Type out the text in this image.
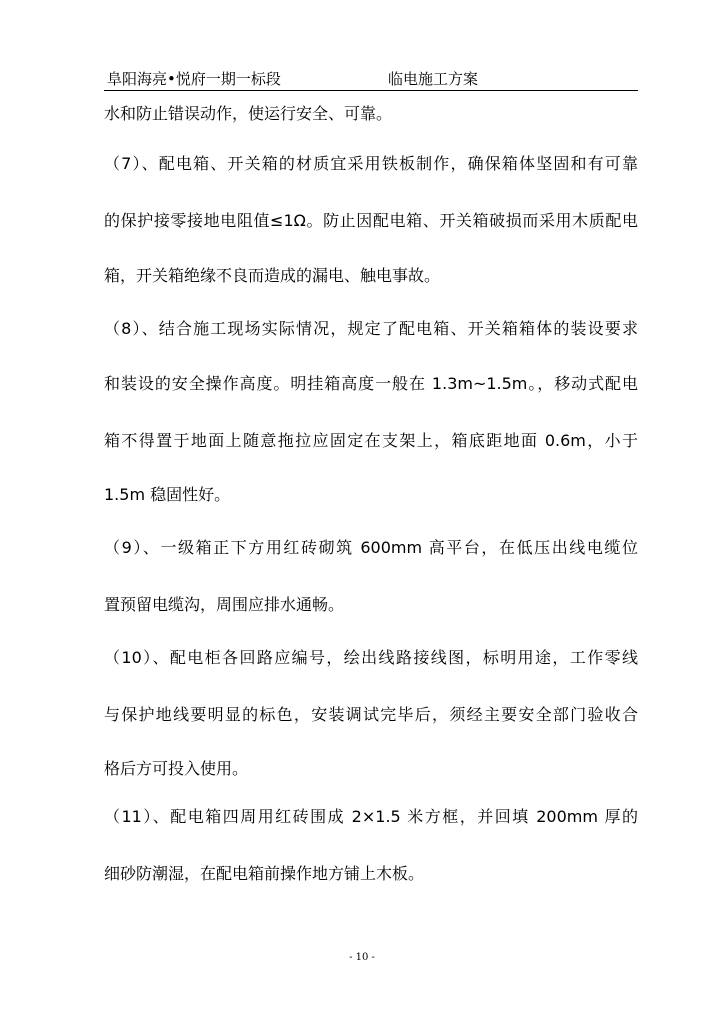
阜阳海亮•悦府一期一标段	临电施工方案
水和防止错误动作，使运行安全、可靠。
（7）、配电箱、开关箱的材质宜采用铁板制作，确保箱体坚固和有可靠
的保护接零接地电阻值≤1Ω。防止因配电箱、开关箱破损而采用木质配电
箱，开关箱绝缘不良而造成的漏电、触电事故。
（8）、结合施工现场实际情况，规定了配电箱、开关箱箱体的装设要求
和装设的安全操作高度。明挂箱高度一般在 1.3m~1.5m。，移动式配电
箱不得置于地面上随意拖拉应固定在支架上，箱底距地面 0.6m，小于
1.5m 稳固性好。
（9）、一级箱正下方用红砖砌筑 600mm 高平台，在低压出线电缆位
置预留电缆沟，周围应排水通畅。
（10）、配电柜各回路应编号，绘出线路接线图，标明用途，工作零线
与保护地线要明显的标色，安装调试完毕后，须经主要安全部门验收合
格后方可投入使用。
（11）、配电箱四周用红砖围成 2×1.5 米方框，并回填 200mm 厚的
细砂防潮湿，在配电箱前操作地方铺上木板。
- 10 -
